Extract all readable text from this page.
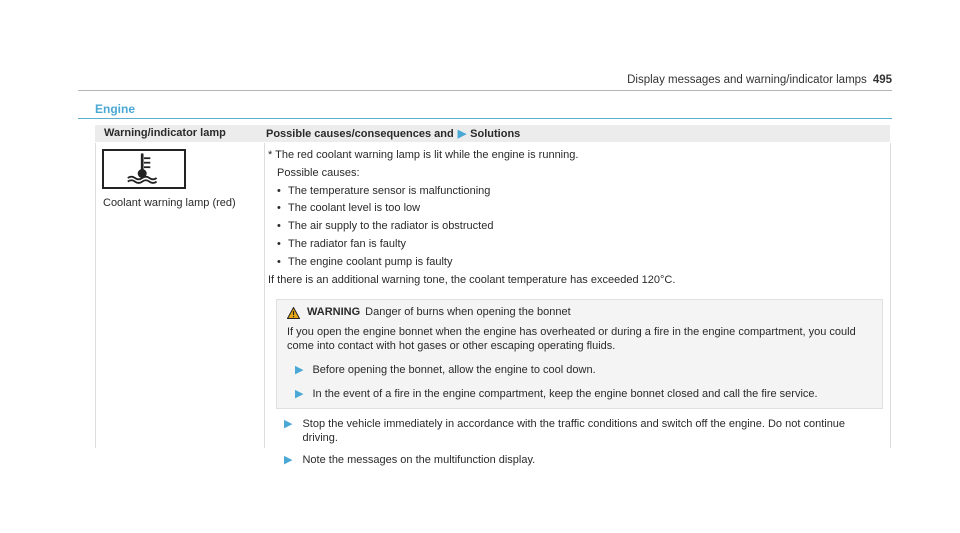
Display messages and warning/indicator lamps 495
Engine
Warning/indicator lamp	Possible causes/consequences and ▶ Solutions
Coolant warning lamp (red)

* The red coolant warning lamp is lit while the engine is running.

Possible causes:

• The temperature sensor is malfunctioning
• The coolant level is too low
• The air supply to the radiator is obstructed
• The radiator fan is faulty
• The engine coolant pump is faulty

If there is an additional warning tone, the coolant temperature has exceeded 120°C.

WARNING Danger of burns when opening the bonnet
If you open the engine bonnet when the engine has overheated or during a fire in the engine compartment, you could come into contact with hot gases or other escaping operating fluids.
▶ Before opening the bonnet, allow the engine to cool down.
▶ In the event of a fire in the engine compartment, keep the engine bonnet closed and call the fire service.
▶ Stop the vehicle immediately in accordance with the traffic conditions and switch off the engine. Do not continue driving.
▶ Note the messages on the multifunction display.
